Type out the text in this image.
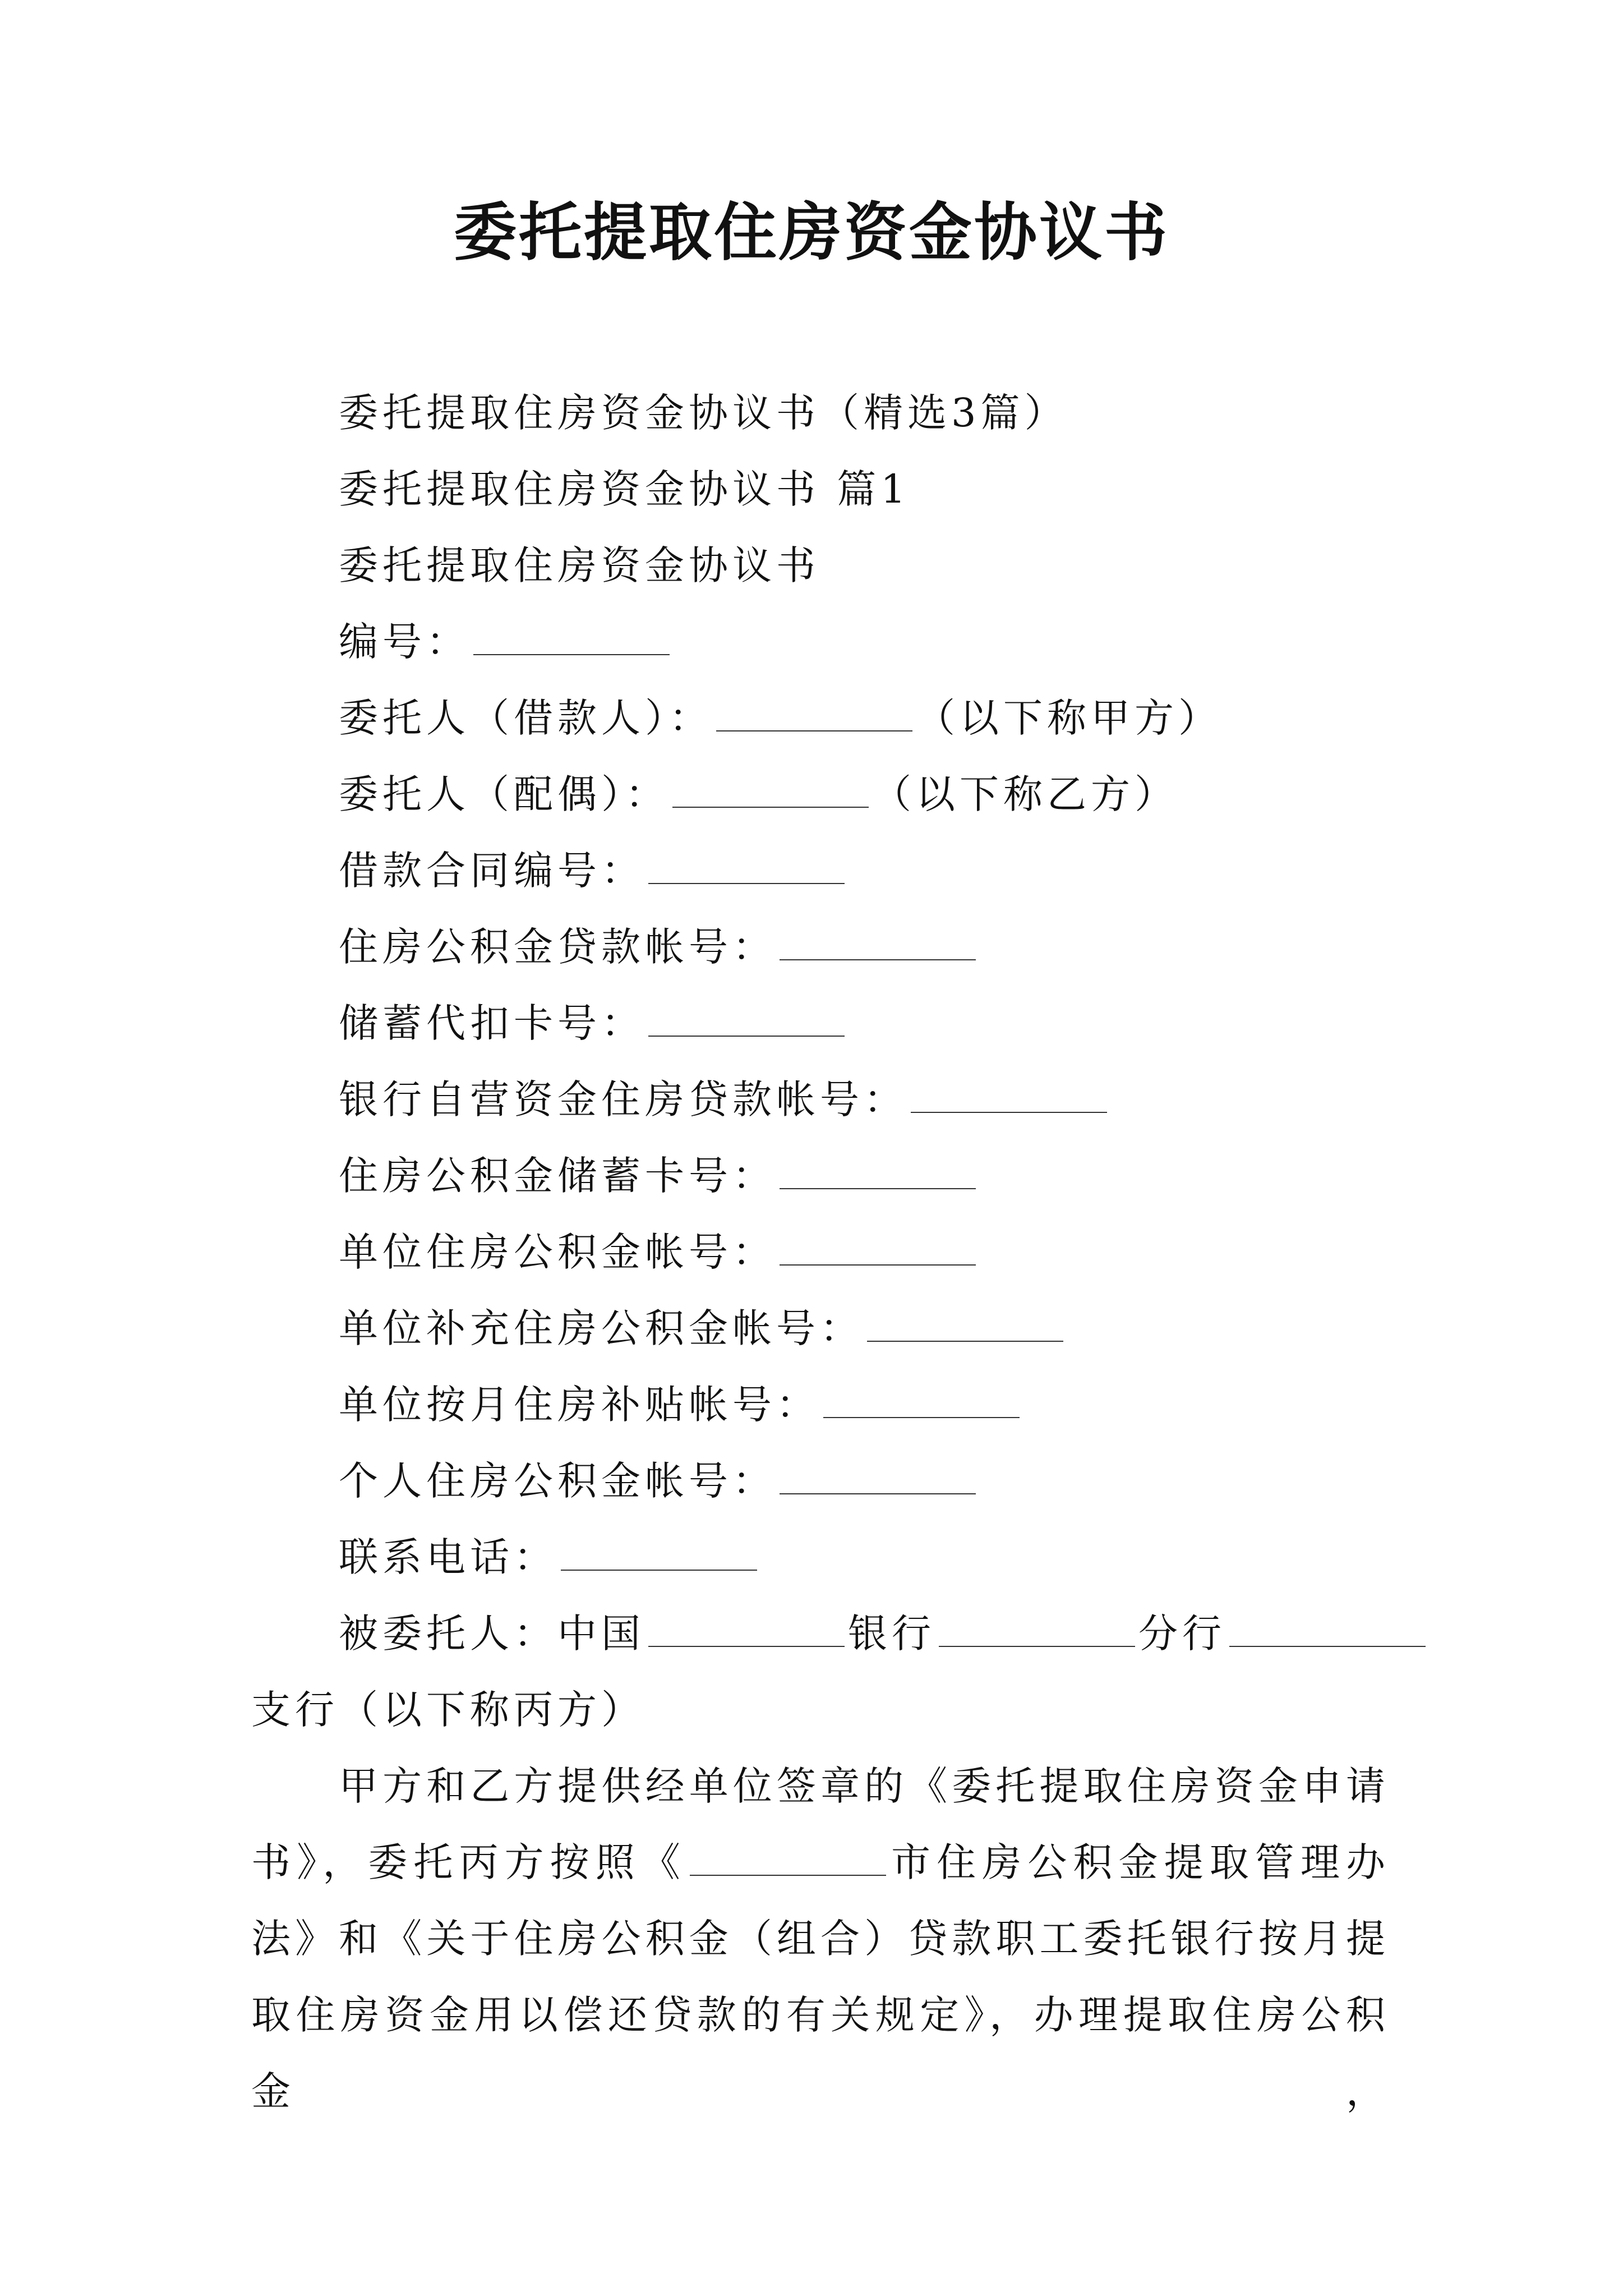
委托提取住房资金协议书
委托提取住房资金协议书（精选3篇）
委托提取住房资金协议书 篇1
委托提取住房资金协议书
编号：
委托人（借款人）：	（以下称甲方）
委托人（配偶）：	（以下称乙方）
借款合同编号：
住房公积金贷款帐号：
储蓄代扣卡号：
银行自营资金住房贷款帐号：
住房公积金储蓄卡号：
单位住房公积金帐号：
单位补充住房公积金帐号：
单位按月住房补贴帐号：
个人住房公积金帐号：
联系电话：
被委托人：中国	银行	分行
支行（以下称丙方）
甲方和乙方提供经单位签章的《委托提取住房资金申请书》，委托丙方按照《	市住房公积金提取管理办法》和《关于住房公积金（组合）贷款职工委托银行按月提取住房资金用以偿还贷款的有关规定》，办理提取住房公积金，
